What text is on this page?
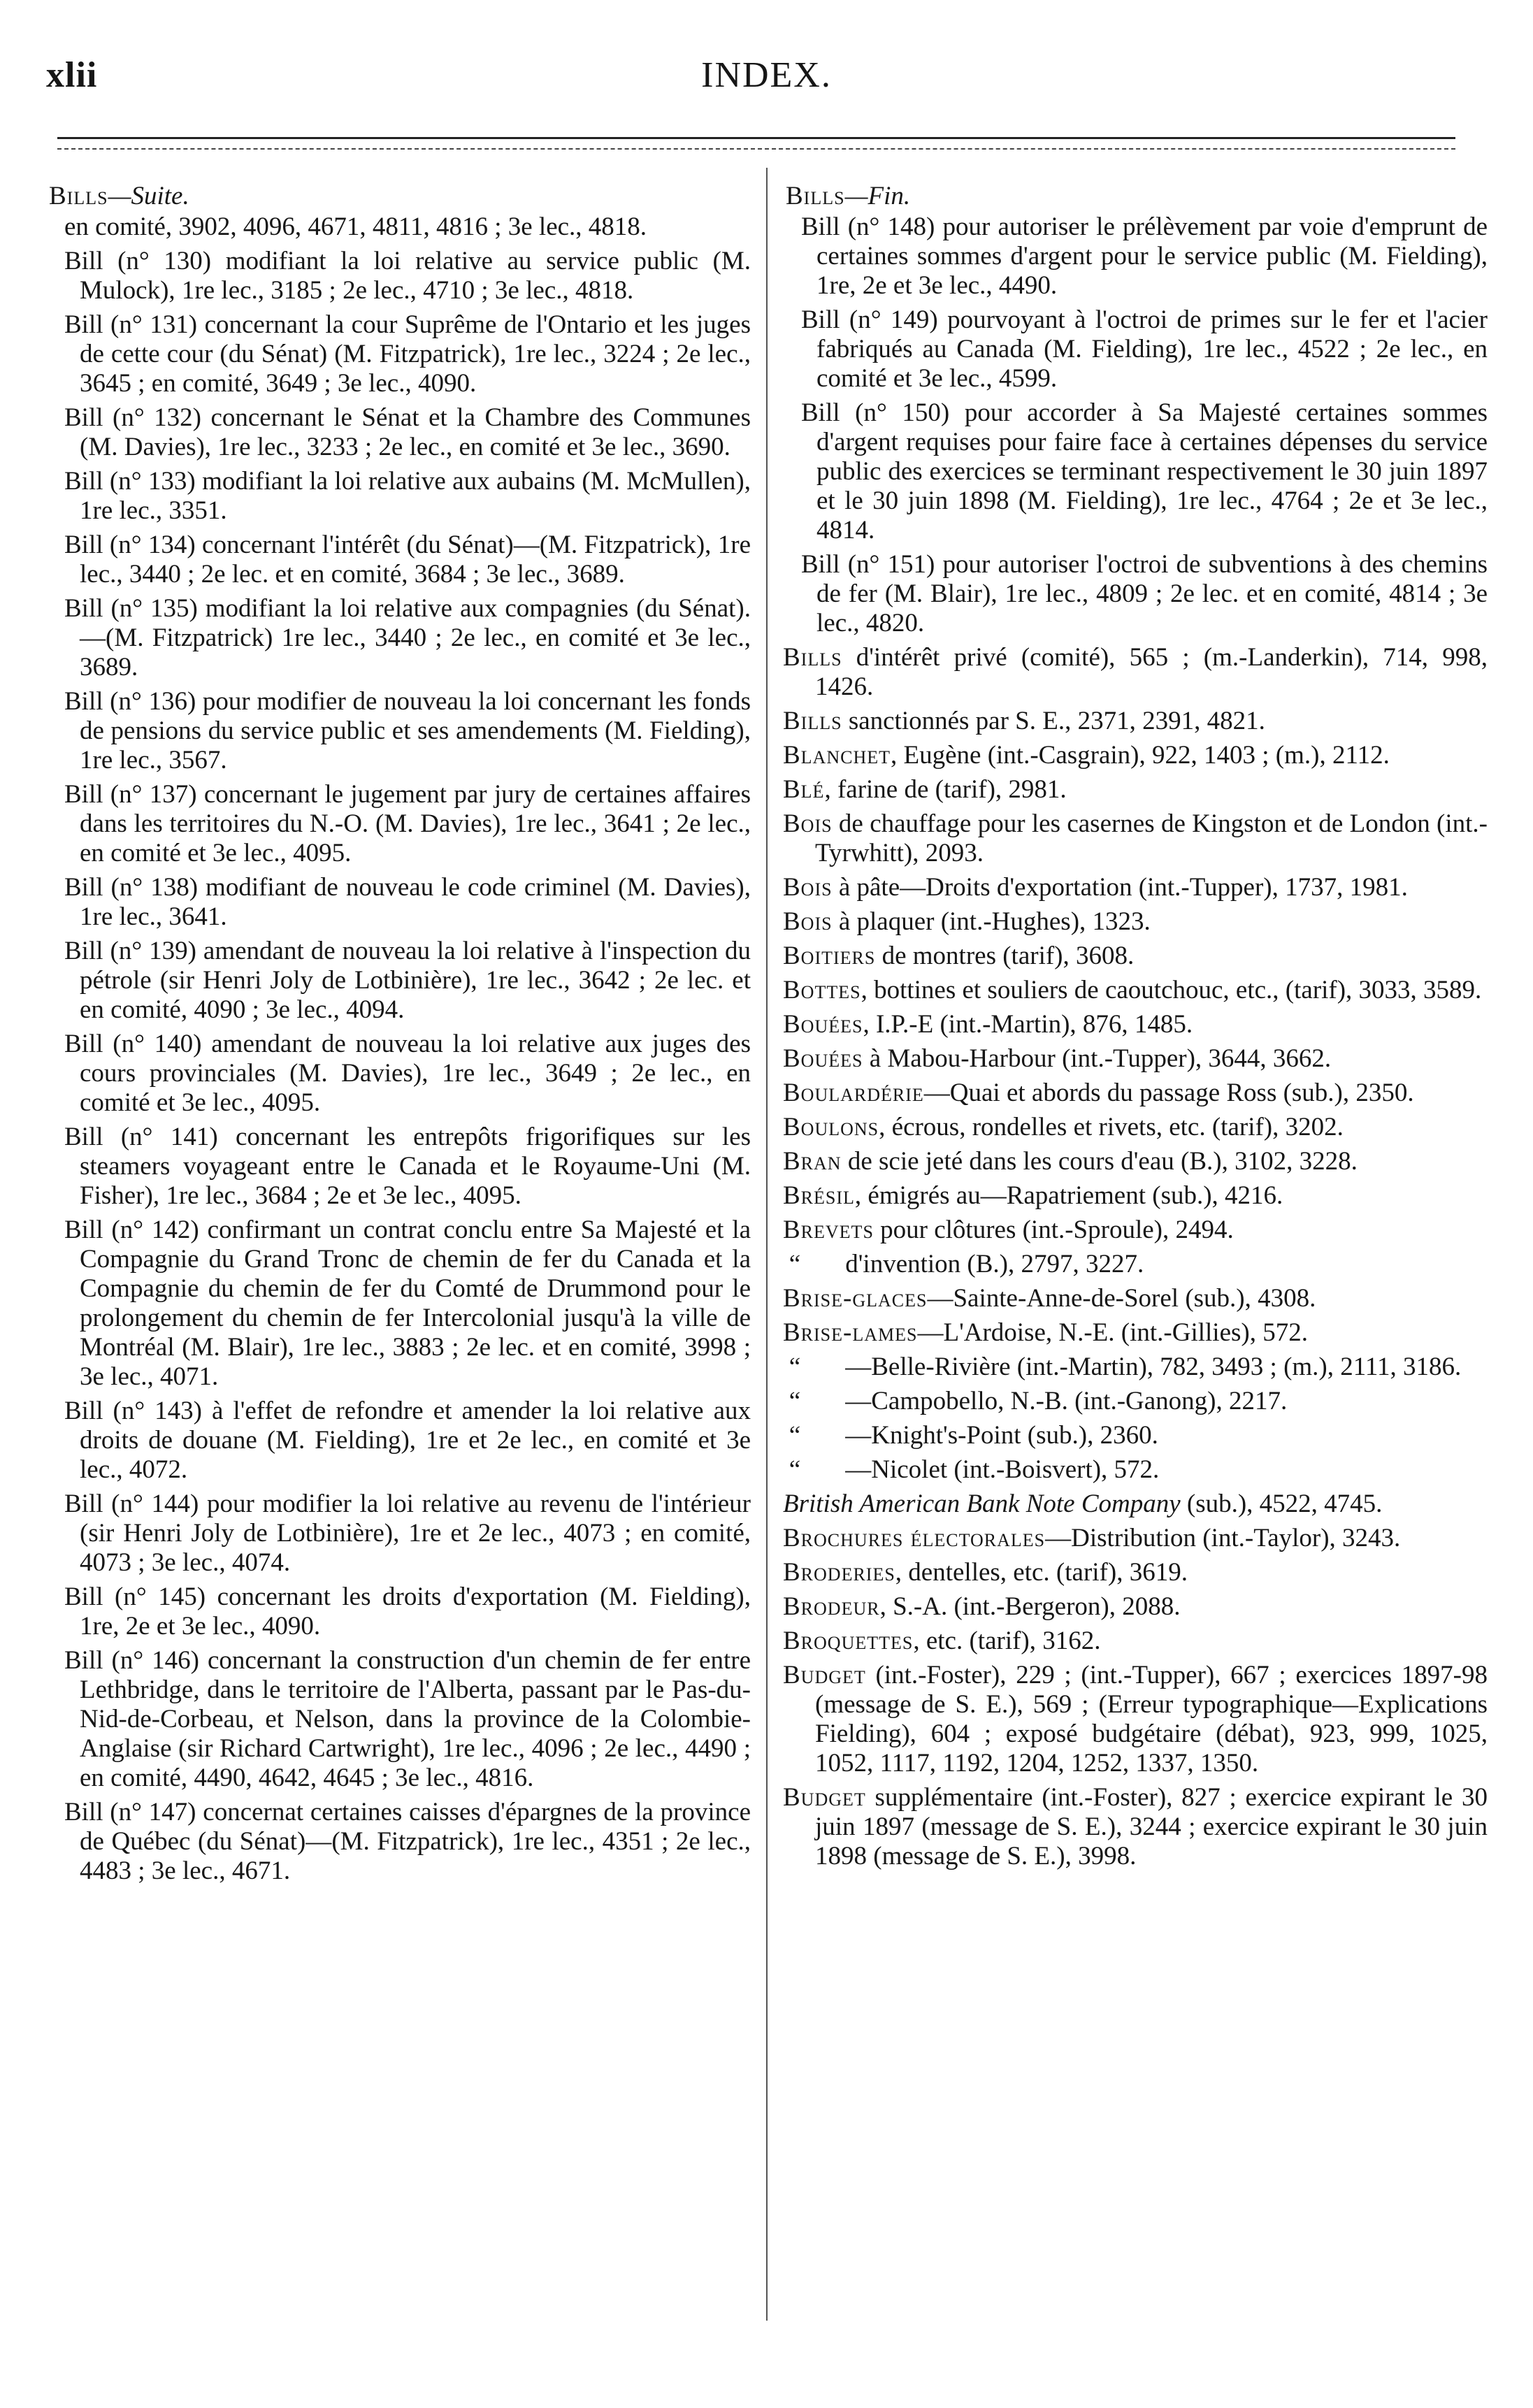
xlii	INDEX.
Bills—Suite.
en comité, 3902, 4096, 4671, 4811, 4816 ; 3e lec., 4818.
Bill (n° 130) modifiant la loi relative au service public (M. Mulock), 1re lec., 3185 ; 2e lec., 4710 ; 3e lec., 4818.
Bill (n° 131) concernant la cour Suprême de l'Ontario et les juges de cette cour (du Sénat) (M. Fitzpatrick), 1re lec., 3224 ; 2e lec., 3645 ; en comité, 3649 ; 3e lec., 4090.
Bill (n° 132) concernant le Sénat et la Chambre des Communes (M. Davies), 1re lec., 3233 ; 2e lec., en comité et 3e lec., 3690.
Bill (n° 133) modifiant la loi relative aux aubains (M. McMullen), 1re lec., 3351.
Bill (n° 134) concernant l'intérêt (du Sénat)—(M. Fitzpatrick), 1re lec., 3440 ; 2e lec. et en comité, 3684 ; 3e lec., 3689.
Bill (n° 135) modifiant la loi relative aux compagnies (du Sénat).—(M. Fitzpatrick) 1re lec., 3440 ; 2e lec., en comité et 3e lec., 3689.
Bill (n° 136) pour modifier de nouveau la loi concernant les fonds de pensions du service public et ses amendements (M. Fielding), 1re lec., 3567.
Bill (n° 137) concernant le jugement par jury de certaines affaires dans les territoires du N.-O. (M. Davies), 1re lec., 3641 ; 2e lec., en comité et 3e lec., 4095.
Bill (n° 138) modifiant de nouveau le code criminel (M. Davies), 1re lec., 3641.
Bill (n° 139) amendant de nouveau la loi relative à l'inspection du pétrole (sir Henri Joly de Lotbinière), 1re lec., 3642 ; 2e lec. et en comité, 4090 ; 3e lec., 4094.
Bill (n° 140) amendant de nouveau la loi relative aux juges des cours provinciales (M. Davies), 1re lec., 3649 ; 2e lec., en comité et 3e lec., 4095.
Bill (n° 141) concernant les entrepôts frigorifiques sur les steamers voyageant entre le Canada et le Royaume-Uni (M. Fisher), 1re lec., 3684 ; 2e et 3e lec., 4095.
Bill (n° 142) confirmant un contrat conclu entre Sa Majesté et la Compagnie du Grand Tronc de chemin de fer du Canada et la Compagnie du chemin de fer du Comté de Drummond pour le prolongement du chemin de fer Intercolonial jusqu'à la ville de Montréal (M. Blair), 1re lec., 3883 ; 2e lec. et en comité, 3998 ; 3e lec., 4071.
Bill (n° 143) à l'effet de refondre et amender la loi relative aux droits de douane (M. Fielding), 1re et 2e lec., en comité et 3e lec., 4072.
Bill (n° 144) pour modifier la loi relative au revenu de l'intérieur (sir Henri Joly de Lotbinière), 1re et 2e lec., 4073 ; en comité, 4073 ; 3e lec., 4074.
Bill (n° 145) concernant les droits d'exportation (M. Fielding), 1re, 2e et 3e lec., 4090.
Bill (n° 146) concernant la construction d'un chemin de fer entre Lethbridge, dans le territoire de l'Alberta, passant par le Pas-du-Nid-de-Corbeau, et Nelson, dans la province de la Colombie-Anglaise (sir Richard Cartwright), 1re lec., 4096 ; 2e lec., 4490 ; en comité, 4490, 4642, 4645 ; 3e lec., 4816.
Bill (n° 147) concernat certaines caisses d'épargnes de la province de Québec (du Sénat)—(M. Fitzpatrick), 1re lec., 4351 ; 2e lec., 4483 ; 3e lec., 4671.
Bills—Fin.
Bill (n° 148) pour autoriser le prélèvement par voie d'emprunt de certaines sommes d'argent pour le service public (M. Fielding), 1re, 2e et 3e lec., 4490.
Bill (n° 149) pourvoyant à l'octroi de primes sur le fer et l'acier fabriqués au Canada (M. Fielding), 1re lec., 4522 ; 2e lec., en comité et 3e lec., 4599.
Bill (n° 150) pour accorder à Sa Majesté certaines sommes d'argent requises pour faire face à certaines dépenses du service public des exercices se terminant respectivement le 30 juin 1897 et le 30 juin 1898 (M. Fielding), 1re lec., 4764 ; 2e et 3e lec., 4814.
Bill (n° 151) pour autoriser l'octroi de subventions à des chemins de fer (M. Blair), 1re lec., 4809 ; 2e lec. et en comité, 4814 ; 3e lec., 4820.
Bills d'intérêt privé (comité), 565 ; (m.-Landerkin), 714, 998, 1426.
Bills sanctionnés par S. E., 2371, 2391, 4821.
Blanchet, Eugène (int.-Casgrain), 922, 1403 ; (m.), 2112.
Blé, farine de (tarif), 2981.
Bois de chauffage pour les casernes de Kingston et de London (int.-Tyrwhitt), 2093.
Bois à pâte—Droits d'exportation (int.-Tupper), 1737, 1981.
Bois à plaquer (int.-Hughes), 1323.
Boitiers de montres (tarif), 3608.
Bottes, bottines et souliers de caoutchouc, etc., (tarif), 3033, 3589.
Bouées, I.P.-E (int.-Martin), 876, 1485.
Bouées à Mabou-Harbour (int.-Tupper), 3644, 3662.
Boulardérie—Quai et abords du passage Ross (sub.), 2350.
Boulons, écrous, rondelles et rivets, etc. (tarif), 3202.
Bran de scie jeté dans les cours d'eau (B.), 3102, 3228.
Brésil, émigrés au—Rapatriement (sub.), 4216.
Brevets pour clôtures (int.-Sproule), 2494.
“ d'invention (B.), 2797, 3227.
Brise-glaces—Sainte-Anne-de-Sorel (sub.), 4308.
Brise-lames—L'Ardoise, N.-E. (int.-Gillies), 572.
“ —Belle-Rivière (int.-Martin), 782, 3493 ; (m.), 2111, 3186.
“ —Campobello, N.-B. (int.-Ganong), 2217.
“ —Knight's-Point (sub.), 2360.
“ —Nicolet (int.-Boisvert), 572.
British American Bank Note Company (sub.), 4522, 4745.
Brochures électorales—Distribution (int.-Taylor), 3243.
Broderies, dentelles, etc. (tarif), 3619.
Brodeur, S.-A. (int.-Bergeron), 2088.
Broquettes, etc. (tarif), 3162.
Budget (int.-Foster), 229 ; (int.-Tupper), 667 ; exercices 1897-98 (message de S. E.), 569 ; (Erreur typographique—Explications Fielding), 604 ; exposé budgétaire (débat), 923, 999, 1025, 1052, 1117, 1192, 1204, 1252, 1337, 1350.
Budget supplémentaire (int.-Foster), 827 ; exercice expirant le 30 juin 1897 (message de S. E.), 3244 ; exercice expirant le 30 juin 1898 (message de S. E.), 3998.
